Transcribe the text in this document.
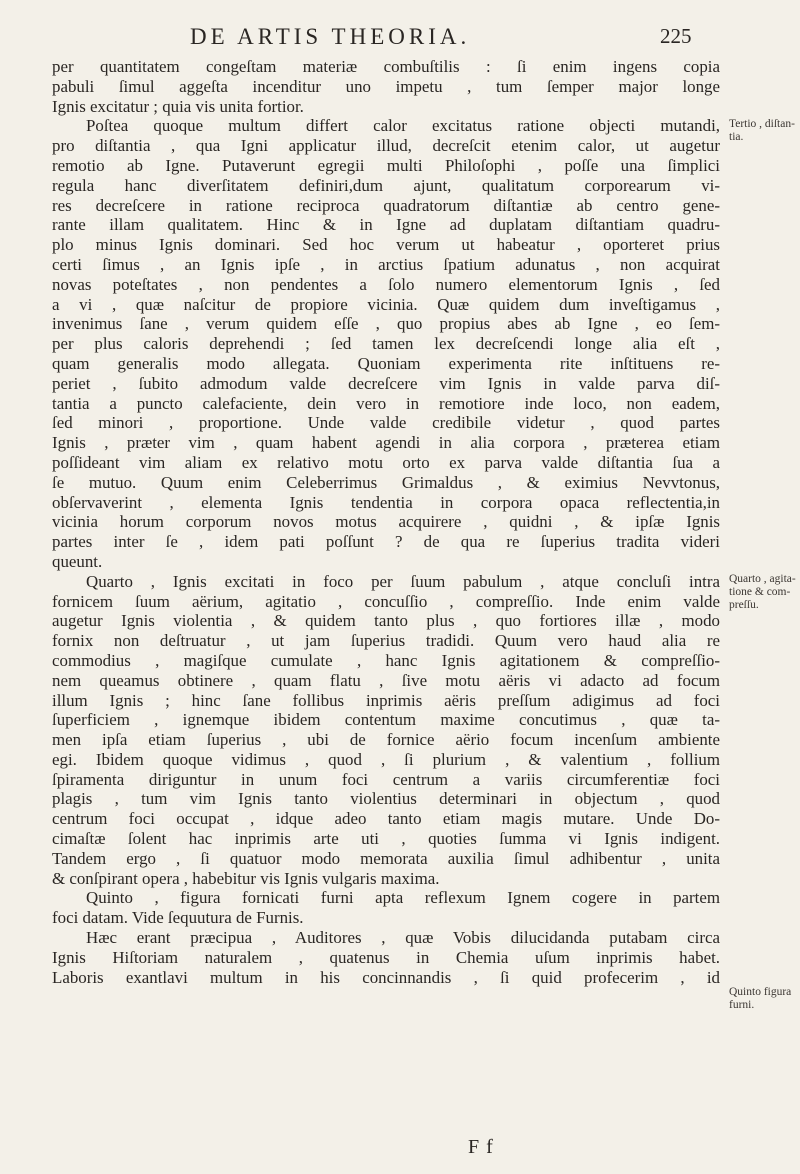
DE ARTIS THEORIA.	225
per quantitatem congeſtam materiæ combuſtilis : ſi enim ingens copia
pabuli ſimul aggeſta incenditur uno impetu , tum ſemper major longe
Ignis excitatur ; quia vis unita fortior.
Poſtea quoque multum differt calor excitatus ratione objecti mutandi,
pro diſtantia , qua Igni applicatur illud, decreſcit etenim calor, ut augetur
remotio ab Igne. Putaverunt egregii multi Philoſophi , poſſe una ſimplici
regula hanc diverſitatem definiri,dum ajunt, qualitatum corporearum vi-
res decreſcere in ratione reciproca quadratorum diſtantiæ ab centro gene-
rante illam qualitatem. Hinc & in Igne ad duplatam diſtantiam quadru-
plo minus Ignis dominari. Sed hoc verum ut habeatur , oporteret prius
certi ſimus , an Ignis ipſe , in arctius ſpatium adunatus , non acquirat
novas poteſtates , non pendentes a ſolo numero elementorum Ignis , ſed
a vi , quæ naſcitur de propiore vicinia. Quæ quidem dum inveſtigamus ,
invenimus ſane , verum quidem eſſe , quo propius abes ab Igne , eo ſem-
per plus caloris deprehendi ; ſed tamen lex decreſcendi longe alia eſt ,
quam generalis modo allegata. Quoniam experimenta rite inſtituens re-
periet , ſubito admodum valde decreſcere vim Ignis in valde parva diſ-
tantia a puncto calefaciente, dein vero in remotiore inde loco, non eadem,
ſed minori , proportione. Unde valde credibile videtur , quod partes
Ignis , præter vim , quam habent agendi in alia corpora , præterea etiam
poſſideant vim aliam ex relativo motu orto ex parva valde diſtantia ſua a
ſe mutuo. Quum enim Celeberrimus Grimaldus , & eximius Nevvtonus,
obſervaverint , elementa Ignis tendentia in corpora opaca reflectentia,in
vicinia horum corporum novos motus acquirere , quidni , & ipſæ Ignis
partes inter ſe , idem pati poſſunt ? de qua re ſuperius tradita videri
queunt.
Quarto , Ignis excitati in foco per ſuum pabulum , atque concluſi intra
fornicem ſuum aërium, agitatio , concuſſio , compreſſio. Inde enim valde
augetur Ignis violentia , & quidem tanto plus , quo fortiores illæ , modo
fornix non deſtruatur , ut jam ſuperius tradidi. Quum vero haud alia re
commodius , magiſque cumulate , hanc Ignis agitationem & compreſſio-
nem queamus obtinere , quam flatu , ſive motu aëris vi adacto ad focum
illum Ignis ; hinc ſane follibus inprimis aëris preſſum adigimus ad foci
ſuperficiem , ignemque ibidem contentum maxime concutimus , quæ ta-
men ipſa etiam ſuperius , ubi de fornice aërio focum incenſum ambiente
egi. Ibidem quoque vidimus , quod , ſi plurium , & valentium , follium
ſpiramenta diriguntur in unum foci centrum a variis circumferentiæ foci
plagis , tum vim Ignis tanto violentius determinari in objectum , quod
centrum foci occupat , idque adeo tanto etiam magis mutare. Unde Do-
cimaſtæ ſolent hac inprimis arte uti , quoties ſumma vi Ignis indigent.
Tandem ergo , ſi quatuor modo memorata auxilia ſimul adhibentur , unita
& conſpirant opera , habebitur vis Ignis vulgaris maxima.
Quinto , figura fornicati furni apta reflexum Ignem cogere in partem
foci datam. Vide ſequutura de Furnis.
Hæc erant præcipua , Auditores , quæ Vobis dilucidanda putabam circa
Ignis Hiſtoriam naturalem , quatenus in Chemia uſum inprimis habet.
Laboris exantlavi multum in his concinnandis , ſi quid profecerim , id
Tertio , diſtan-
tia.
Quarto , agita-
tione & com-
preſſu.
Quinto figura
furni.
F f
